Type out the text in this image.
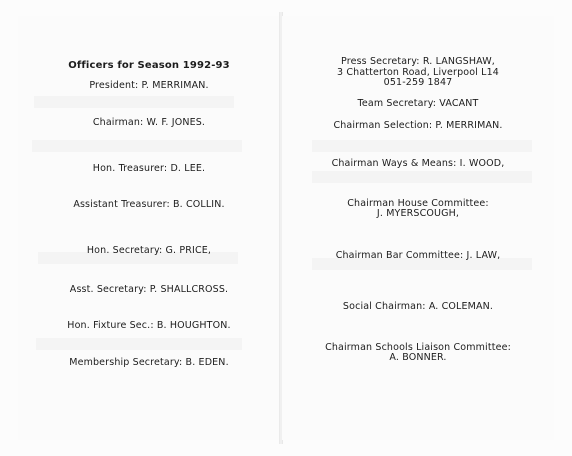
Officers for Season 1992-93
President: P. MERRIMAN.
Chairman: W. F. JONES.
Hon. Treasurer: D. LEE.
Assistant Treasurer: B. COLLIN.
Hon. Secretary: G. PRICE,
Asst. Secretary: P. SHALLCROSS.
Hon. Fixture Sec.: B. HOUGHTON.
Membership Secretary: B. EDEN.
Press Secretary: R. LANGSHAW,
3 Chatterton Road, Liverpool L14
051-259 1847
Team Secretary: VACANT
Chairman Selection: P. MERRIMAN.
Chairman Ways & Means: I. WOOD,
Chairman House Committee:
J. MYERSCOUGH,
Chairman Bar Committee: J. LAW,
Social Chairman: A. COLEMAN.
Chairman Schools Liaison Committee:
A. BONNER.
